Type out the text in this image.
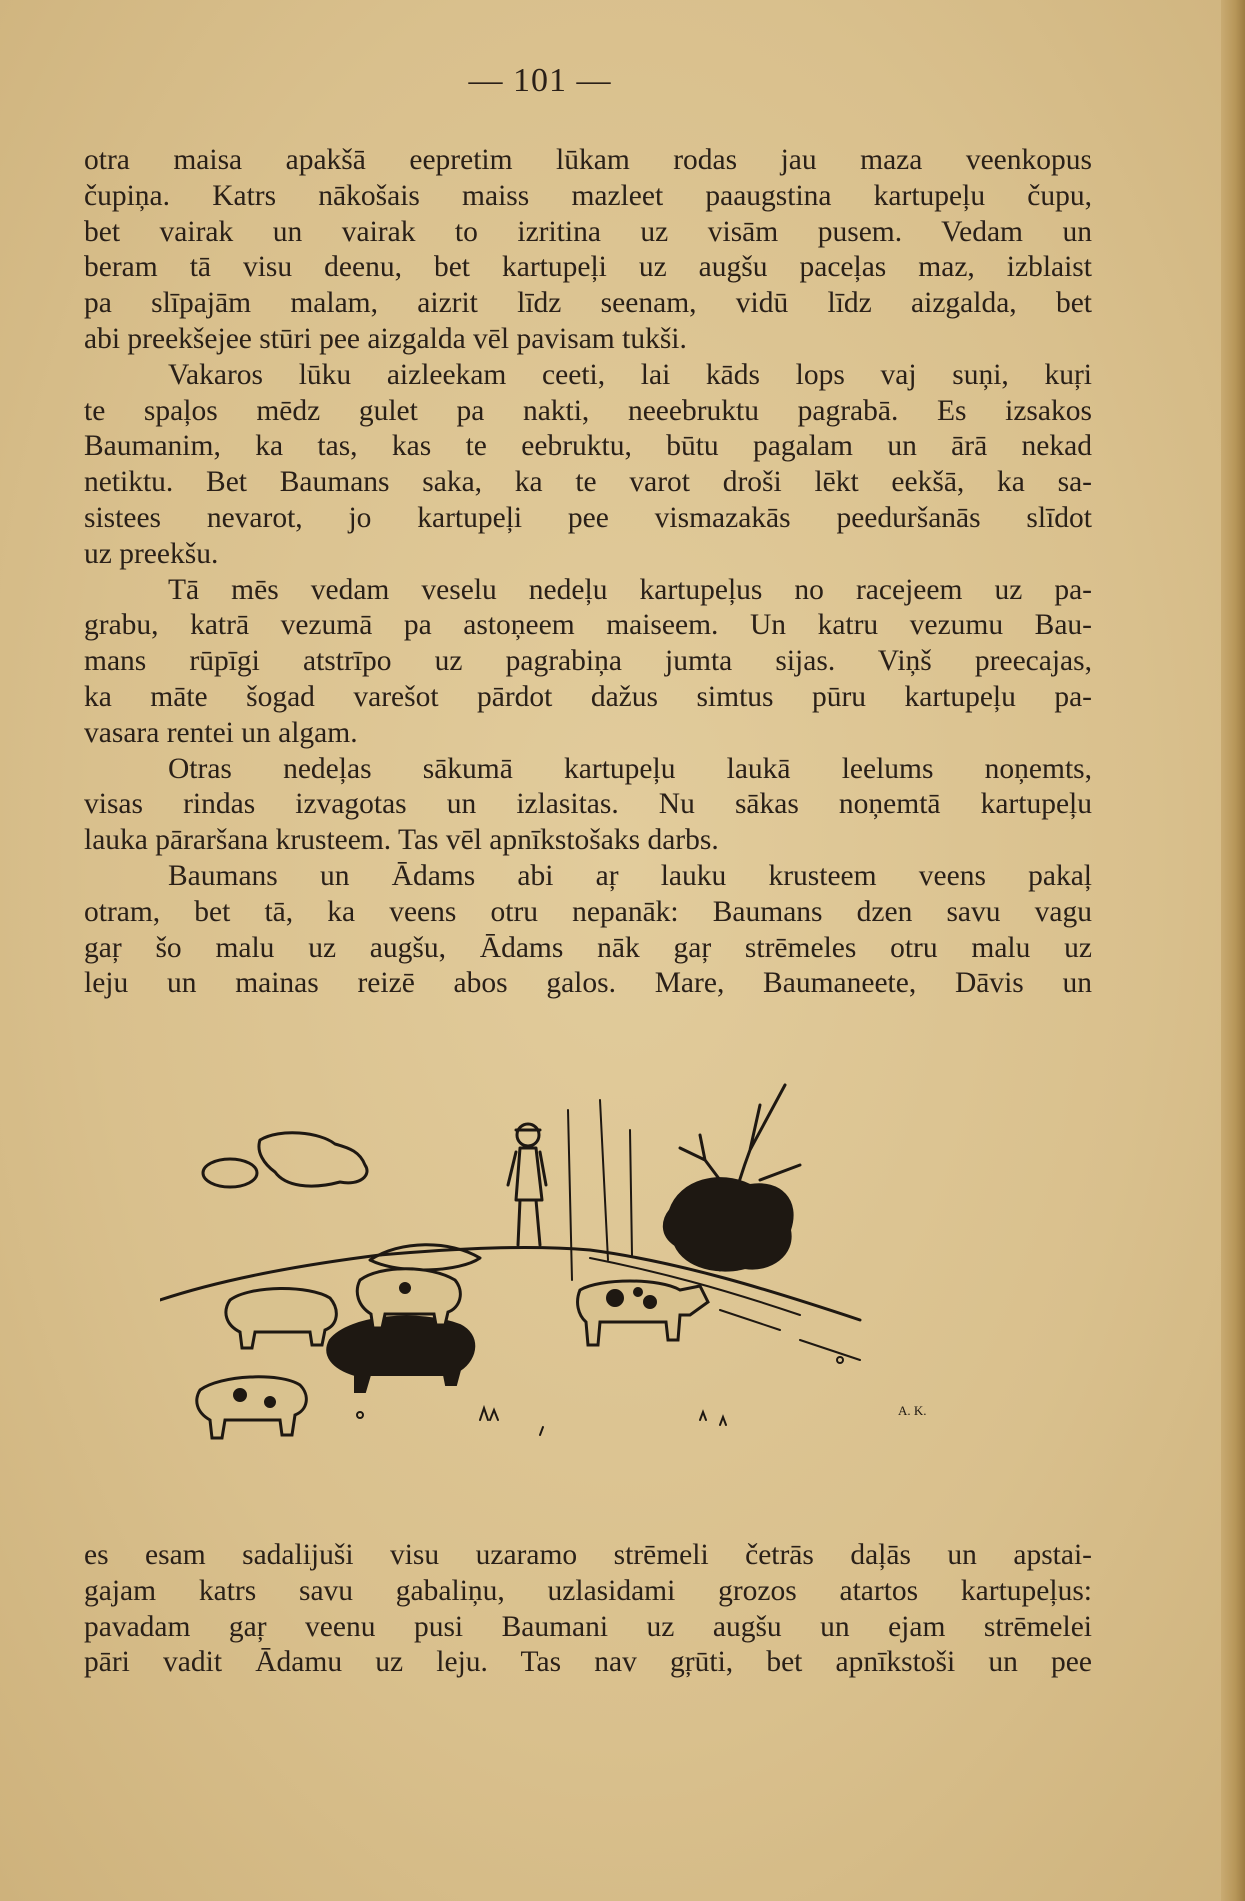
— 101 —
otra maisa apakšā eepretim lūkam rodas jau maza veenkopus
čupiņa. Katrs nākošais maiss mazleet paaugstina kartupeļu čupu,
bet vairak un vairak to izritina uz visām pusem. Vedam un
beram tā visu deenu, bet kartupeļi uz augšu paceļas maz, izblaist
pa slīpajām malam, aizrit līdz seenam, vidū līdz aizgalda, bet
abi preekšejee stūri pee aizgalda vēl pavisam tukši.
Vakaros lūku aizleekam ceeti, lai kāds lops vaj suņi, kuŗi
te spaļos mēdz gulet pa nakti, neeebruktu pagrabā. Es izsakos
Baumanim, ka tas, kas te eebruktu, būtu pagalam un ārā nekad
netiktu. Bet Baumans saka, ka te varot droši lēkt eekšā, ka sa-
sistees nevarot, jo kartupeļi pee vismazakās peeduršanās slīdot
uz preekšu.
Tā mēs vedam veselu nedeļu kartupeļus no racejeem uz pa-
grabu, katrā vezumā pa astoņeem maiseem. Un katru vezumu Bau-
mans rūpīgi atstrīpo uz pagrabiņa jumta sijas. Viņš preecajas,
ka māte šogad varešot pārdot dažus simtus pūru kartupeļu pa-
vasara rentei un algam.
Otras nedeļas sākumā kartupeļu laukā leelums noņemts,
visas rindas izvagotas un izlasitas. Nu sākas noņemtā kartupeļu
lauka pāraršana krusteem. Tas vēl apnīkstošaks darbs.
Baumans un Ādams abi aŗ lauku krusteem veens pakaļ
otram, bet tā, ka veens otru nepanāk: Baumans dzen savu vagu
gaŗ šo malu uz augšu, Ādams nāk gaŗ strēmeles otru malu uz
leju un mainas reizē abos galos. Mare, Baumaneete, Dāvis un
A. K.
es esam sadalijuši visu uzaramo strēmeli četrās daļās un apstai-
gajam katrs savu gabaliņu, uzlasidami grozos atartos kartupeļus:
pavadam gaŗ veenu pusi Baumani uz augšu un ejam strēmelei
pāri vadit Ādamu uz leju. Tas nav gŗūti, bet apnīkstoši un pee
